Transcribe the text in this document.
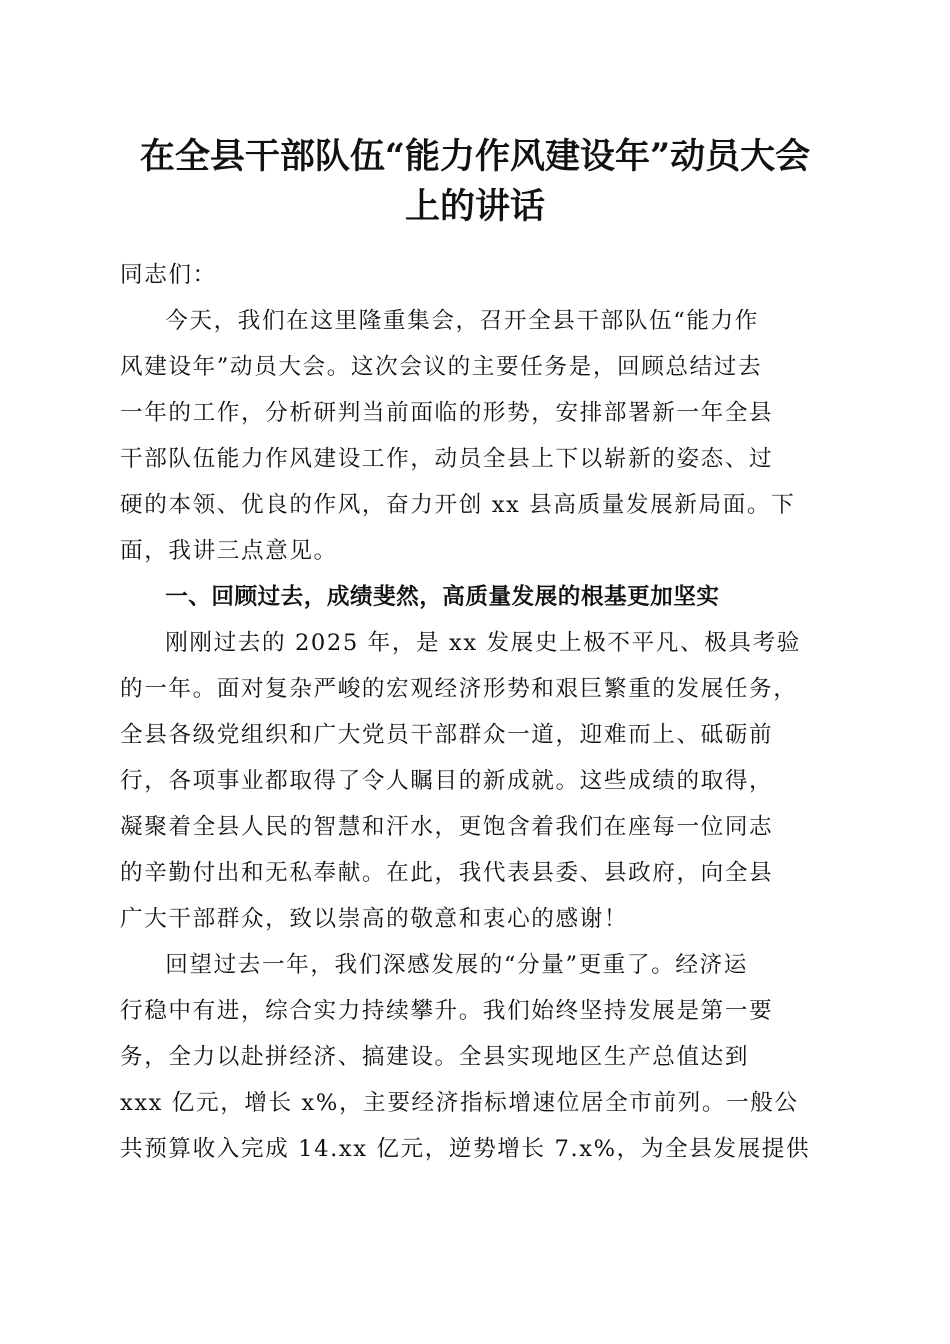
在全县干部队伍“能力作风建设年”动员大会
上的讲话

同志们：

今天，我们在这里隆重集会，召开全县干部队伍“能力作
风建设年”动员大会。这次会议的主要任务是，回顾总结过去
一年的工作，分析研判当前面临的形势，安排部署新一年全县
干部队伍能力作风建设工作，动员全县上下以崭新的姿态、过
硬的本领、优良的作风，奋力开创 xx 县高质量发展新局面。下
面，我讲三点意见。

一、回顾过去，成绩斐然，高质量发展的根基更加坚实

刚刚过去的 2025 年，是 xx 发展史上极不平凡、极具考验
的一年。面对复杂严峻的宏观经济形势和艰巨繁重的发展任务，
全县各级党组织和广大党员干部群众一道，迎难而上、砥砺前
行，各项事业都取得了令人瞩目的新成就。这些成绩的取得，
凝聚着全县人民的智慧和汗水，更饱含着我们在座每一位同志
的辛勤付出和无私奉献。在此，我代表县委、县政府，向全县
广大干部群众，致以崇高的敬意和衷心的感谢！

回望过去一年，我们深感发展的“分量”更重了。经济运
行稳中有进，综合实力持续攀升。我们始终坚持发展是第一要
务，全力以赴拼经济、搞建设。全县实现地区生产总值达到
xxx 亿元，增长 x%，主要经济指标增速位居全市前列。一般公
共预算收入完成 14.xx 亿元，逆势增长 7.x%，为全县发展提供
